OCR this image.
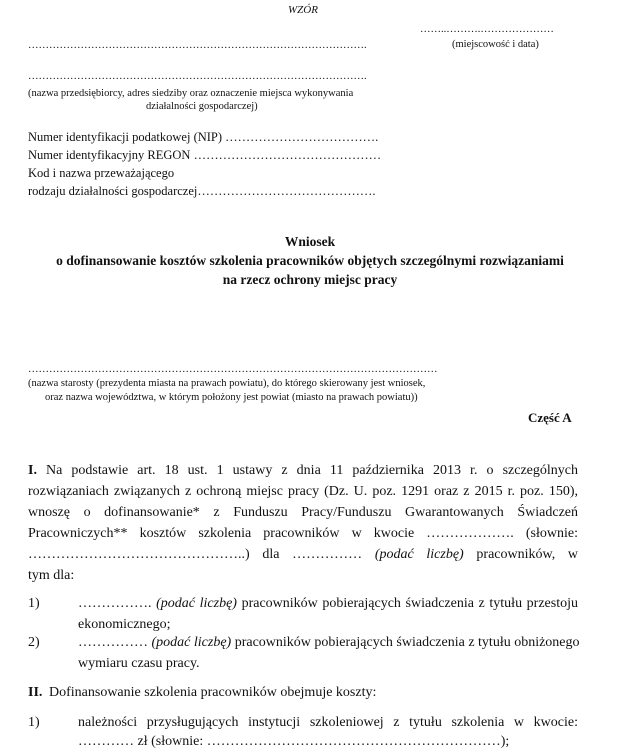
WZÓR
……..……….…………………
(miejscowość i data)
…………………………………………………………………………………….
…………………………………………………………………………………….
(nazwa przedsiębiorcy, adres siedziby oraz oznaczenie miejsca wykonywania
działalności gospodarczej)
Numer identyfikacji podatkowej (NIP) ……………………………….
Numer identyfikacyjny REGON ………………………………………
Kod i nazwa przeważającego
rodzaju działalności gospodarczej…………………………………….
Wniosek
o dofinansowanie kosztów szkolenia pracowników objętych szczególnymi rozwiązaniami
na rzecz ochrony miejsc pracy
………………………………………………………………………………………………………
(nazwa starosty (prezydenta miasta na prawach powiatu), do którego skierowany jest wniosek,
oraz nazwa województwa, w którym położony jest powiat (miasto na prawach powiatu))
Część A
I. Na podstawie art. 18 ust. 1 ustawy z dnia 11 października 2013 r. o szczególnych
rozwiązaniach związanych z ochroną miejsc pracy (Dz. U. poz. 1291 oraz z 2015 r. poz. 150),
wnoszę o dofinansowanie* z Funduszu Pracy/Funduszu Gwarantowanych Świadczeń
Pracowniczych** kosztów szkolenia pracowników w kwocie ………………. (słownie:
………………………………………..) dla …………… (podać liczbę) pracowników, w
tym dla:
1)	……………. (podać liczbę) pracowników pobierających świadczenia z tytułu przestoju
ekonomicznego;
2)	…………… (podać liczbę) pracowników pobierających świadczenia z tytułu obniżonego
wymiaru czasu pracy.
II. Dofinansowanie szkolenia pracowników obejmuje koszty:
1)	należności przysługujących instytucji szkoleniowej z tytułu szkolenia w kwocie:
………… zł (słownie: ………………………………………………………);
